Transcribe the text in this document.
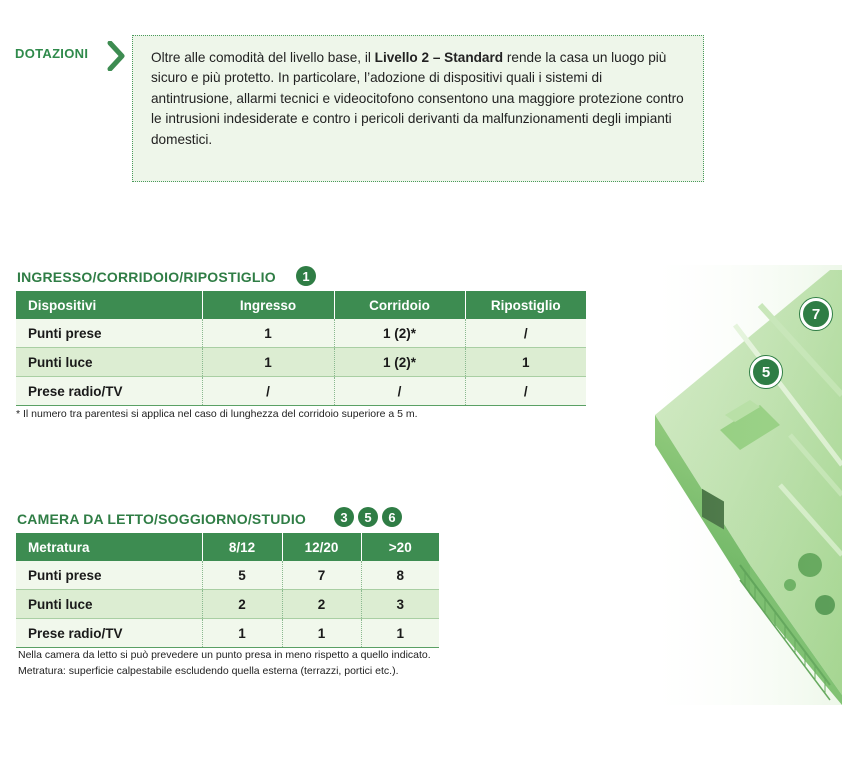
DOTAZIONI	Oltre alle comodità del livello base, il Livello 2 – Standard rende la casa un luogo più sicuro e più protetto. In particolare, l’adozione di dispositivi quali i sistemi di antintrusione, allarmi tecnici e videocitofono consentono una maggiore protezione contro le intrusioni indesiderate e contro i pericoli derivanti da malfunzionamenti degli impianti domestici.
INGRESSO/CORRIDOIO/RIPOSTIGLIO	1
Dispositivi	Ingresso	Corridoio	Ripostiglio
Punti prese	1	1 (2)*	/
Punti luce	1	1 (2)*	1
Prese radio/TV	/	/	/
* Il numero tra parentesi si applica nel caso di lunghezza del corridoio superiore a 5 m.
CAMERA DA LETTO/SOGGIORNO/STUDIO	3	5	6
Metratura	8/12	12/20	>20
Punti prese	5	7	8
Punti luce	2	2	3
Prese radio/TV	1	1	1
Nella camera da letto si può prevedere un punto presa in meno rispetto a quello indicato.
Metratura: superficie calpestabile escludendo quella esterna (terrazzi, portici etc.).
7
5
